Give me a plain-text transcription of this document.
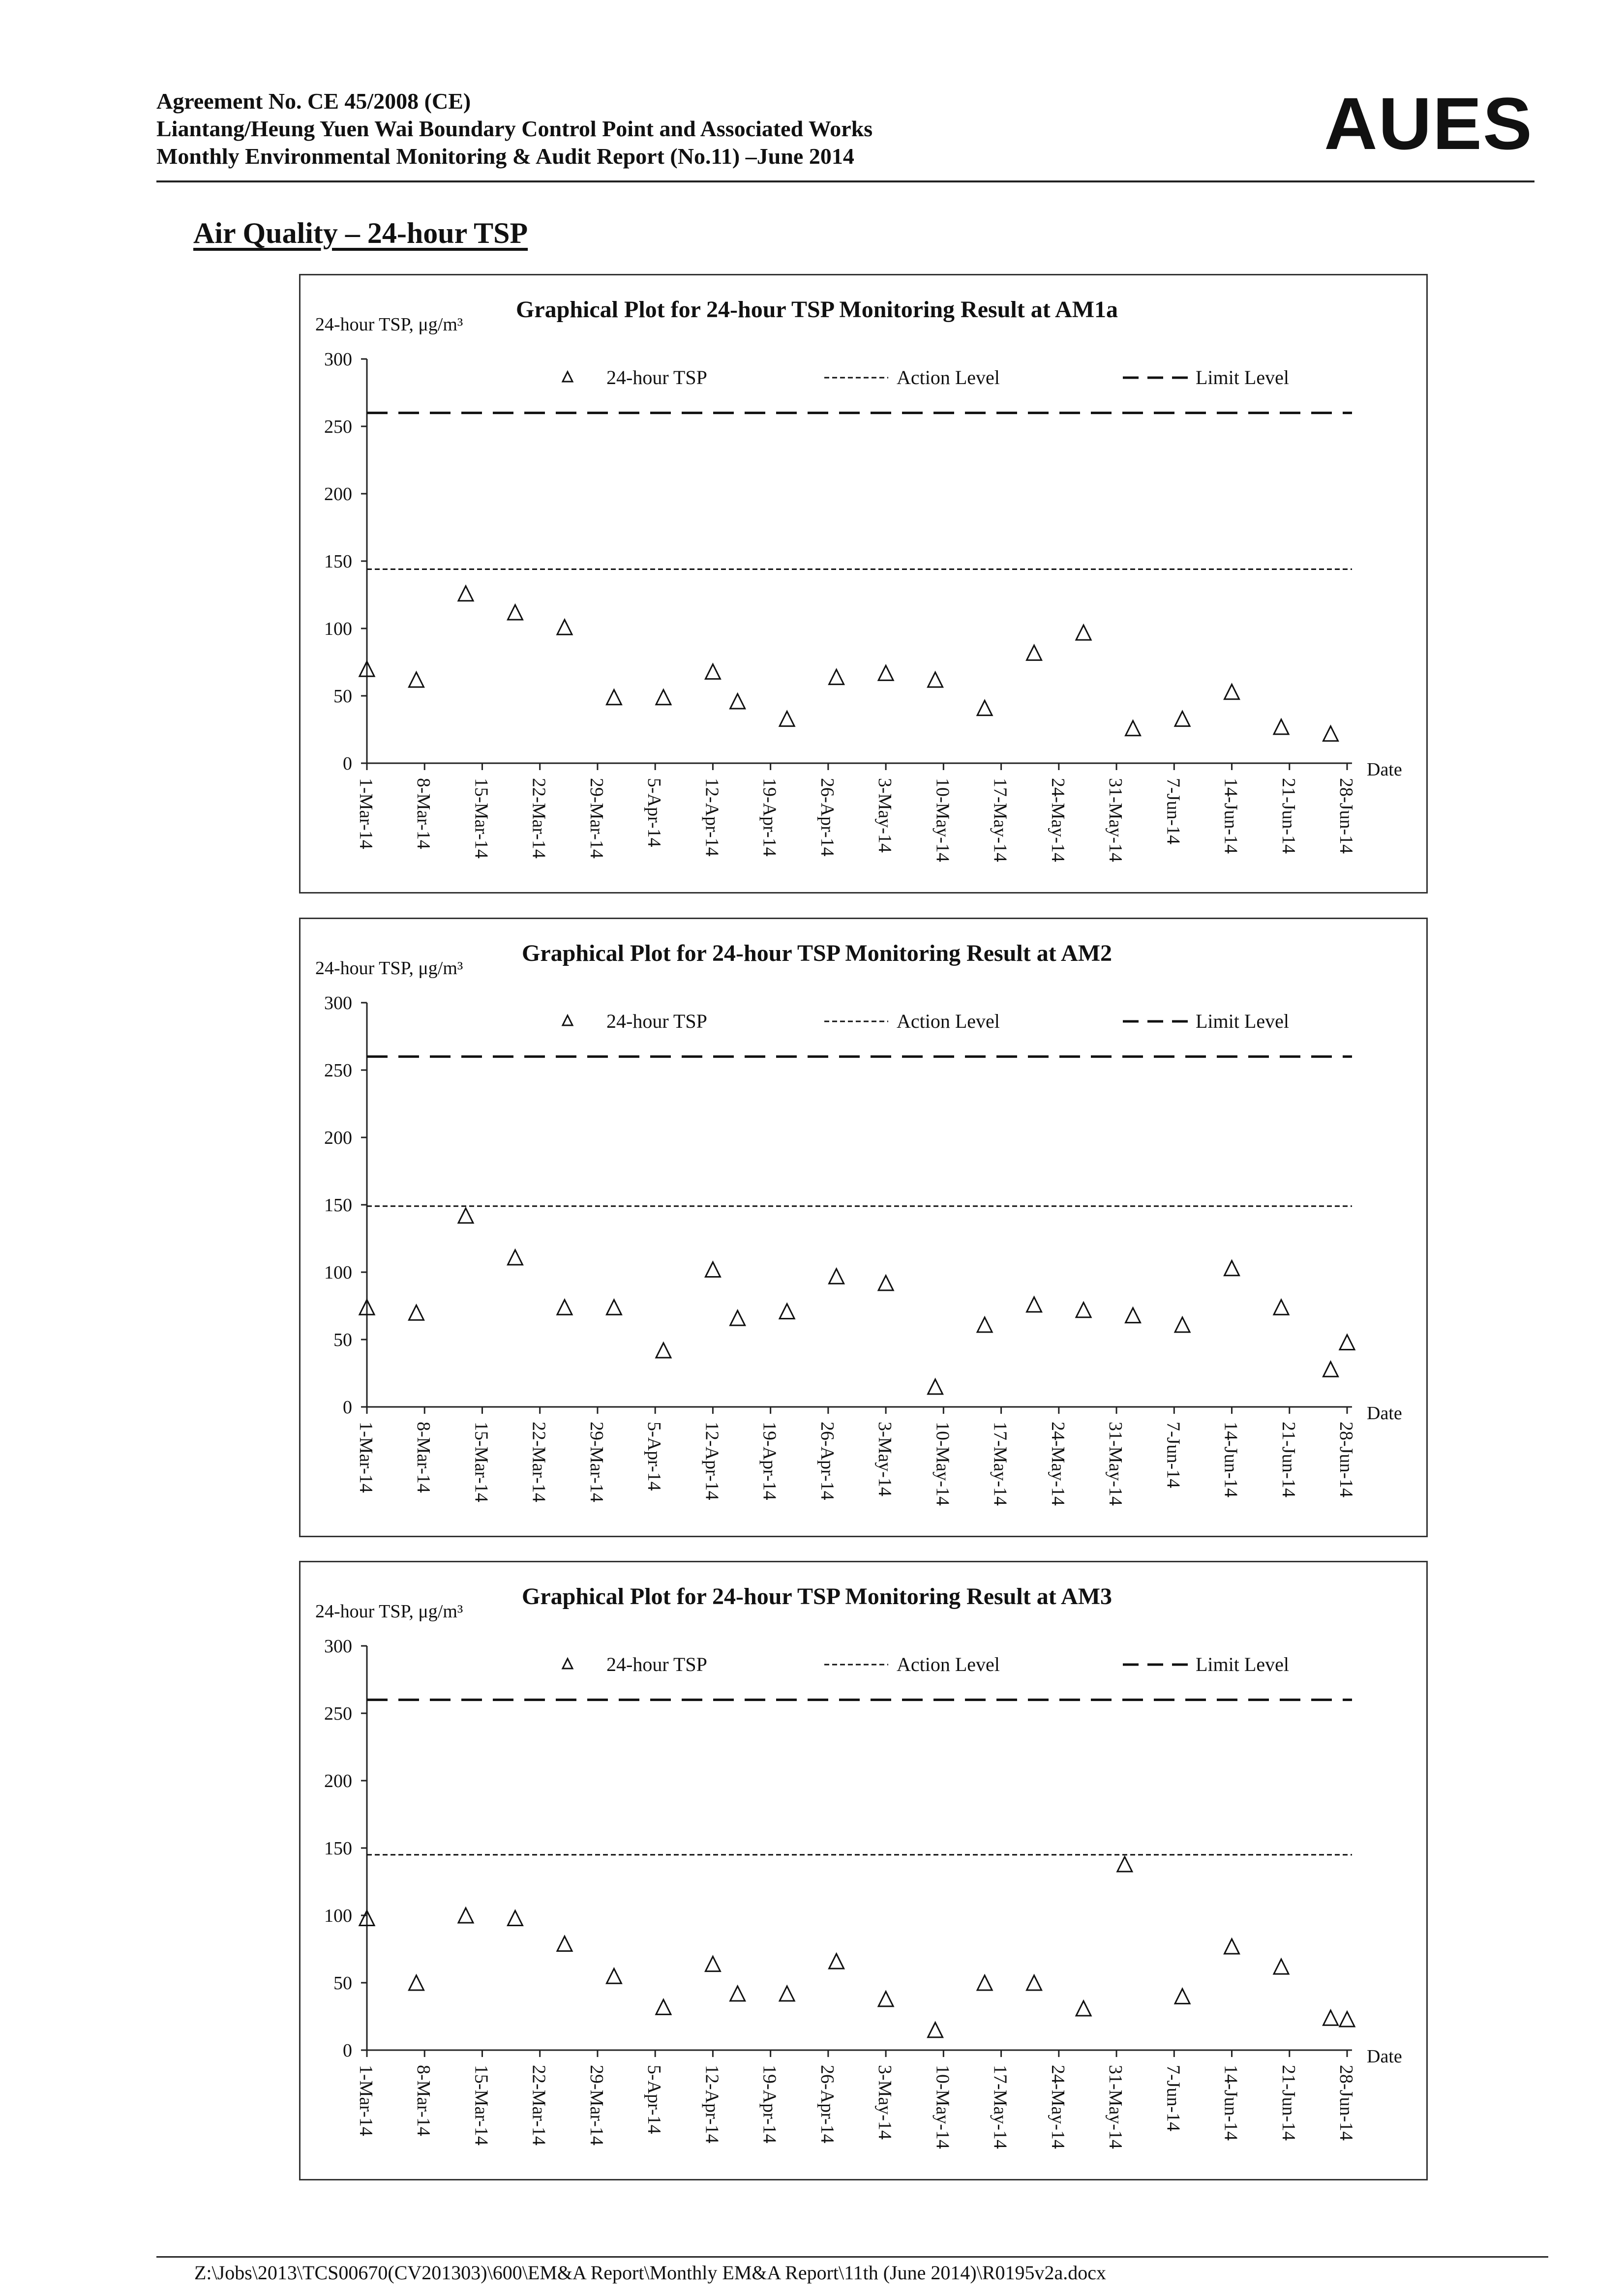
Agreement No. CE 45/2008 (CE)
Liantang/Heung Yuen Wai Boundary Control Point and Associated Works
Monthly Environmental Monitoring & Audit Report (No.11) –June 2014	AUES
Air Quality – 24-hour TSP
Graphical Plot for 24-hour TSP Monitoring Result at AM1a
24-hour TSP, μg/m³
0
50
100
150
200
250
300
1-Mar-14 8-Mar-14 15-Mar-14 22-Mar-14 29-Mar-14 5-Apr-14 12-Apr-14 19-Apr-14 26-Apr-14 3-May-14 10-May-14 17-May-14 24-May-14 31-May-14 7-Jun-14 14-Jun-14 21-Jun-14 28-Jun-14
Date
24-hour TSP	Action Level	Limit Level
Graphical Plot for 24-hour TSP Monitoring Result at AM2
24-hour TSP, μg/m³
0
50
100
150
200
250
300
1-Mar-14 8-Mar-14 15-Mar-14 22-Mar-14 29-Mar-14 5-Apr-14 12-Apr-14 19-Apr-14 26-Apr-14 3-May-14 10-May-14 17-May-14 24-May-14 31-May-14 7-Jun-14 14-Jun-14 21-Jun-14 28-Jun-14
Date
24-hour TSP	Action Level	Limit Level
Graphical Plot for 24-hour TSP Monitoring Result at AM3
24-hour TSP, μg/m³
0
50
100
150
200
250
300
1-Mar-14 8-Mar-14 15-Mar-14 22-Mar-14 29-Mar-14 5-Apr-14 12-Apr-14 19-Apr-14 26-Apr-14 3-May-14 10-May-14 17-May-14 24-May-14 31-May-14 7-Jun-14 14-Jun-14 21-Jun-14 28-Jun-14
Date
24-hour TSP	Action Level	Limit Level
Z:\Jobs\2013\TCS00670(CV201303)\600\EM&A Report\Monthly EM&A Report\11th (June 2014)\R0195v2a.docx
